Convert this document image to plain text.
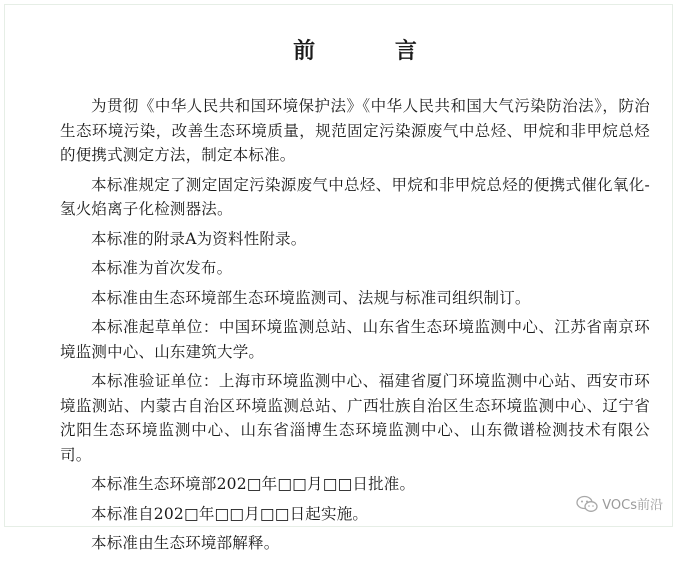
前 言

为贯彻《中华人民共和国环境保护法》《中华人民共和国大气污染防治法》，防治生态环境污染，改善生态环境质量，规范固定污染源废气中总烃、甲烷和非甲烷总烃的便携式测定方法，制定本标准。

本标准规定了测定固定污染源废气中总烃、甲烷和非甲烷总烃的便携式催化氧化-氢火焰离子化检测器法。

本标准的附录A为资料性附录。

本标准为首次发布。

本标准由生态环境部生态环境监测司、法规与标准司组织制订。

本标准起草单位：中国环境监测总站、山东省生态环境监测中心、江苏省南京环境监测中心、山东建筑大学。

本标准验证单位：上海市环境监测中心、福建省厦门环境监测中心站、西安市环境监测站、内蒙古自治区环境监测总站、广西壮族自治区生态环境监测中心、辽宁省沈阳生态环境监测中心、山东省淄博生态环境监测中心、山东微谱检测技术有限公司。

本标准生态环境部202□年□□月□□日批准。

本标准自202□年□□月□□日起实施。

本标准由生态环境部解释。

VOCs前沿
